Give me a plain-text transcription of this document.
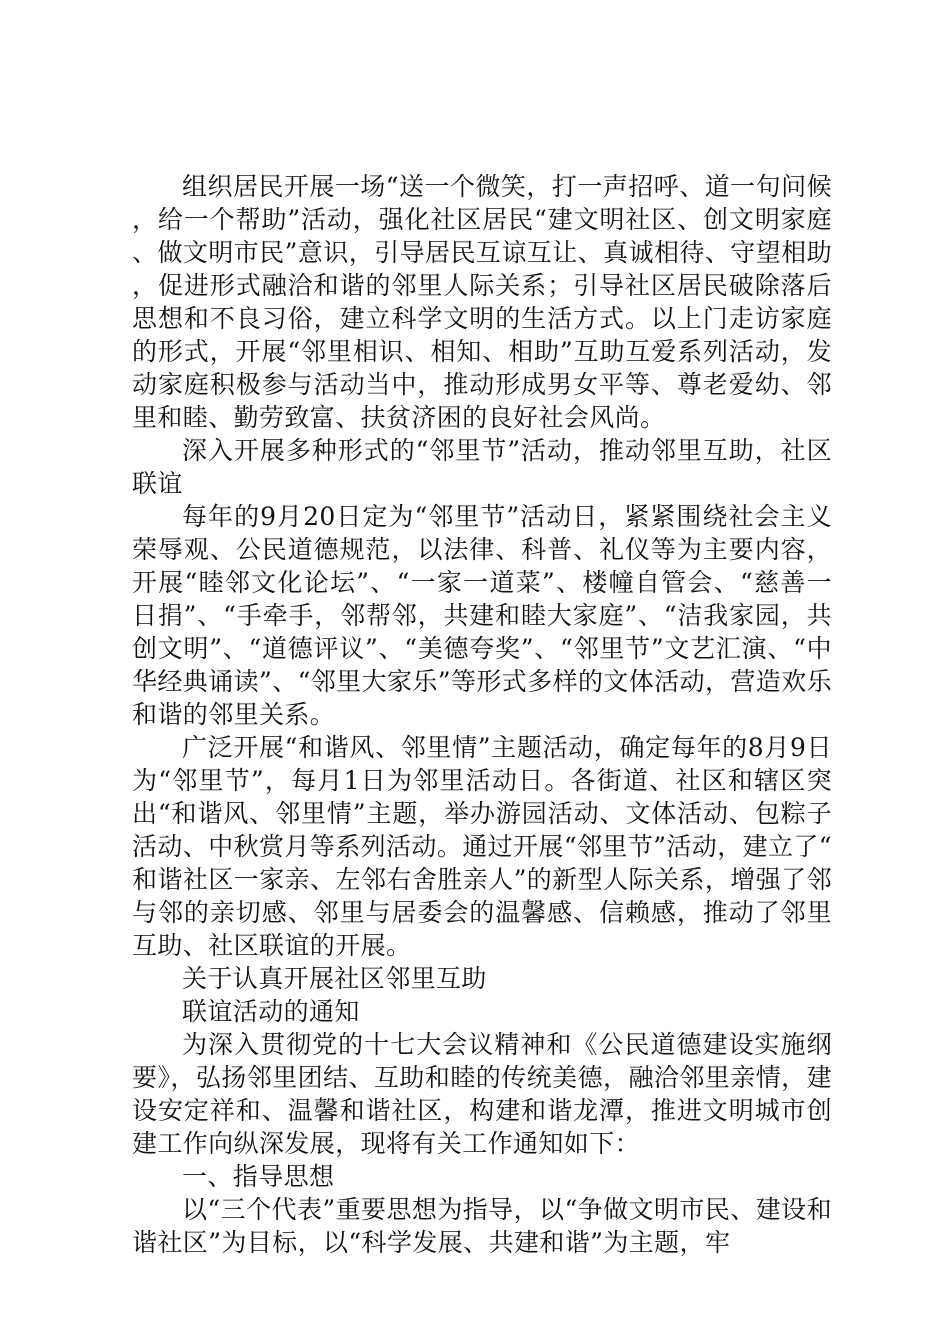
组织居民开展一场“送一个微笑，打一声招呼、道一句问候，给一个帮助”活动，强化社区居民“建文明社区、创文明家庭、做文明市民”意识，引导居民互谅互让、真诚相待、守望相助，促进形式融洽和谐的邻里人际关系；引导社区居民破除落后思想和不良习俗，建立科学文明的生活方式。以上门走访家庭的形式，开展“邻里相识、相知、相助”互助互爱系列活动，发动家庭积极参与活动当中，推动形成男女平等、尊老爱幼、邻里和睦、勤劳致富、扶贫济困的良好社会风尚。

深入开展多种形式的“邻里节”活动，推动邻里互助，社区联谊

每年的9月20日定为“邻里节”活动日，紧紧围绕社会主义荣辱观、公民道德规范，以法律、科普、礼仪等为主要内容，开展“睦邻文化论坛”、“一家一道菜”、楼幢自管会、“慈善一日捐”、“手牵手，邻帮邻，共建和睦大家庭”、“洁我家园，共创文明”、“道德评议”、“美德夸奖”、“邻里节”文艺汇演、“中华经典诵读”、“邻里大家乐”等形式多样的文体活动，营造欢乐和谐的邻里关系。

广泛开展“和谐风、邻里情”主题活动，确定每年的8月9日为“邻里节”，每月1日为邻里活动日。各街道、社区和辖区突出“和谐风、邻里情”主题，举办游园活动、文体活动、包粽子活动、中秋赏月等系列活动。通过开展“邻里节”活动，建立了“和谐社区一家亲、左邻右舍胜亲人”的新型人际关系，增强了邻与邻的亲切感、邻里与居委会的温馨感、信赖感，推动了邻里互助、社区联谊的开展。

关于认真开展社区邻里互助

联谊活动的通知

为深入贯彻党的十七大会议精神和《公民道德建设实施纲要》，弘扬邻里团结、互助和睦的传统美德，融洽邻里亲情，建设安定祥和、温馨和谐社区，构建和谐龙潭，推进文明城市创建工作向纵深发展，现将有关工作通知如下：

一、指导思想

以“三个代表”重要思想为指导，以“争做文明市民、建设和谐社区”为目标，以“科学发展、共建和谐”为主题，牢
